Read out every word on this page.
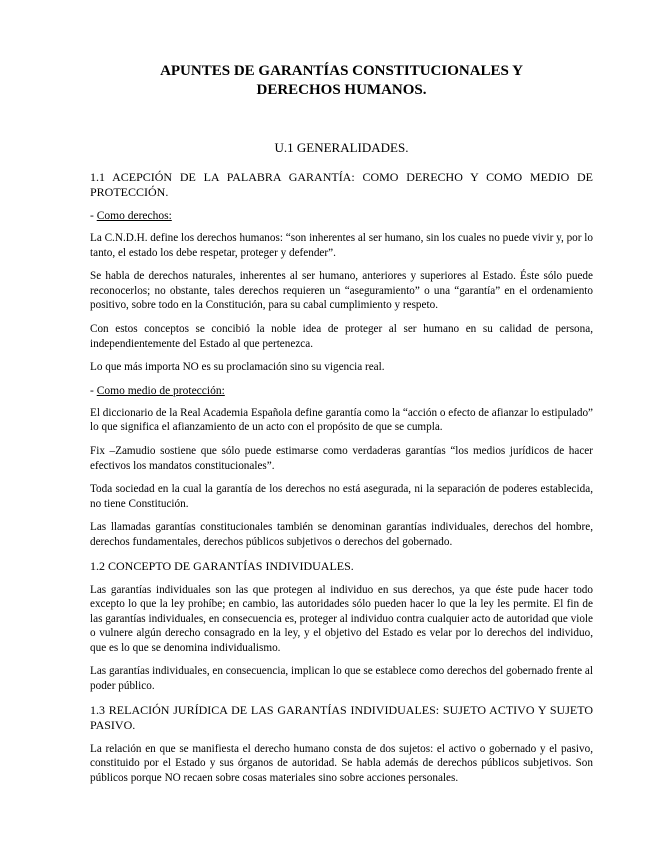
APUNTES DE GARANTÍAS CONSTITUCIONALES Y DERECHOS HUMANOS.
U.1 GENERALIDADES.
1.1 ACEPCIÓN DE LA PALABRA GARANTÍA: COMO DERECHO Y COMO MEDIO DE PROTECCIÓN.
- Como derechos:

La C.N.D.H. define los derechos humanos: “son inherentes al ser humano, sin los cuales no puede vivir y, por lo tanto, el estado los debe respetar, proteger y defender”.

Se habla de derechos naturales, inherentes al ser humano, anteriores y superiores al Estado. Éste sólo puede reconocerlos; no obstante, tales derechos requieren un “aseguramiento” o una “garantía” en el ordenamiento positivo, sobre todo en la Constitución, para su cabal cumplimiento y respeto.

Con estos conceptos se concibió la noble idea de proteger al ser humano en su calidad de persona, independientemente del Estado al que pertenezca.

Lo que más importa NO es su proclamación sino su vigencia real.

- Como medio de protección:

El diccionario de la Real Academia Española define garantía como la “acción o efecto de afianzar lo estipulado” lo que significa el afianzamiento de un acto con el propósito de que se cumpla.

Fix –Zamudio sostiene que sólo puede estimarse como verdaderas garantías “los medios jurídicos de hacer efectivos los mandatos constitucionales”.

Toda sociedad en la cual la garantía de los derechos no está asegurada, ni la separación de poderes establecida, no tiene Constitución.

Las llamadas garantías constitucionales también se denominan garantías individuales, derechos del hombre, derechos fundamentales, derechos públicos subjetivos o derechos del gobernado.

1.2 CONCEPTO DE GARANTÍAS INDIVIDUALES.

Las garantías individuales son las que protegen al individuo en sus derechos, ya que éste pude hacer todo excepto lo que la ley prohíbe; en cambio, las autoridades sólo pueden hacer lo que la ley les permite. El fin de las garantías individuales, en consecuencia es, proteger al individuo contra cualquier acto de autoridad que viole o vulnere algún derecho consagrado en la ley, y el objetivo del Estado es velar por lo derechos del individuo, que es lo que se denomina individualismo.

Las garantías individuales, en consecuencia, implican lo que se establece como derechos del gobernado frente al poder público.

1.3 RELACIÓN JURÍDICA DE LAS GARANTÍAS INDIVIDUALES: SUJETO ACTIVO Y SUJETO PASIVO.

La relación en que se manifiesta el derecho humano consta de dos sujetos: el activo o gobernado y el pasivo, constituido por el Estado y sus órganos de autoridad. Se habla además de derechos públicos subjetivos. Son públicos porque NO recaen sobre cosas materiales sino sobre acciones personales.
